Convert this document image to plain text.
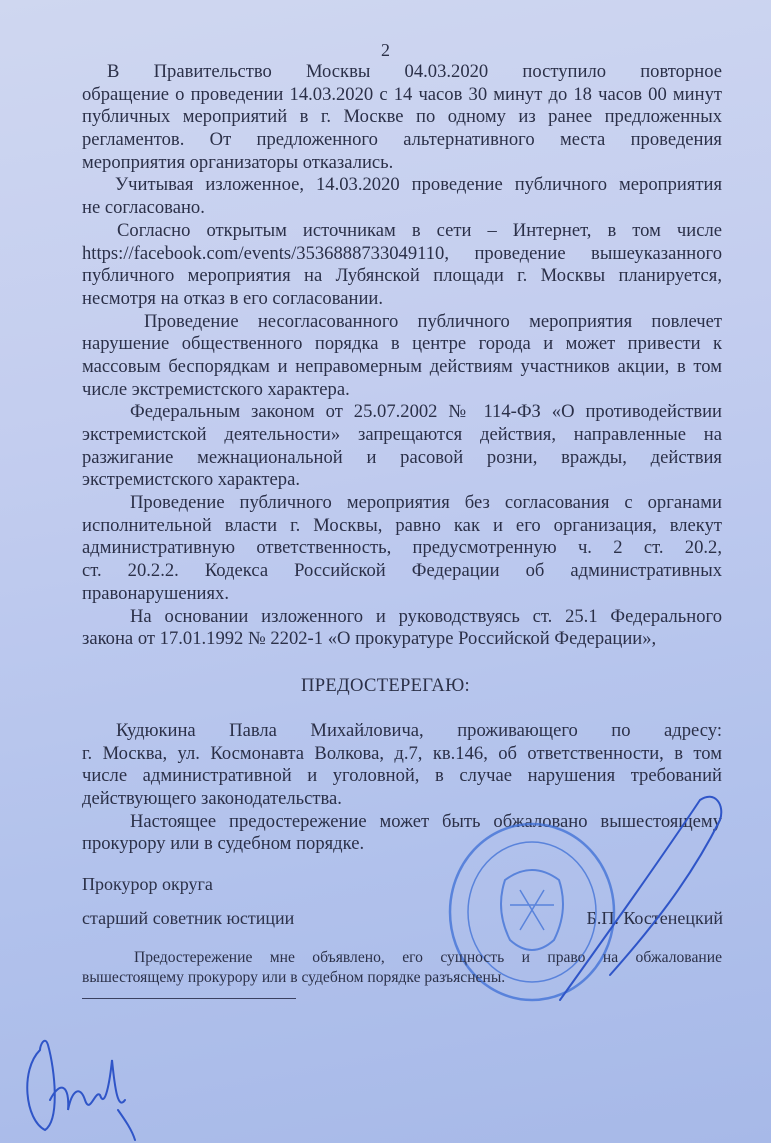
2
В Правительство Москвы 04.03.2020 поступило повторное
обращение о проведении 14.03.2020 с 14 часов 30 минут до 18 часов 00 минут
публичных мероприятий в г. Москве по одному из ранее предложенных
регламентов. От предложенного альтернативного места проведения
мероприятия организаторы отказались.
Учитывая изложенное, 14.03.2020 проведение публичного мероприятия
не согласовано.
Согласно открытым источникам в сети – Интернет, в том числе
https://facebook.com/events/3536888733049110, проведение вышеуказанного
публичного мероприятия на Лубянской площади г. Москвы планируется,
несмотря на отказ в его согласовании.
Проведение несогласованного публичного мероприятия повлечет
нарушение общественного порядка в центре города и может привести к
массовым беспорядкам и неправомерным действиям участников акции, в том
числе экстремистского характера.
Федеральным законом от 25.07.2002 № 114-ФЗ «О противодействии
экстремистской деятельности» запрещаются действия, направленные на
разжигание межнациональной и расовой розни, вражды, действия
экстремистского характера.
Проведение публичного мероприятия без согласования с органами
исполнительной власти г. Москвы, равно как и его организация, влекут
административную ответственность, предусмотренную ч. 2 ст. 20.2,
ст. 20.2.2. Кодекса Российской Федерации об административных
правонарушениях.
На основании изложенного и руководствуясь ст. 25.1 Федерального
закона от 17.01.1992 № 2202-1 «О прокуратуре Российской Федерации»,
ПРЕДОСТЕРЕГАЮ:
Кудюкина Павла Михайловича, проживающего по адресу:
г. Москва, ул. Космонавта Волкова, д.7, кв.146, об ответственности, в том
числе административной и уголовной, в случае нарушения требований
действующего законодательства.
Настоящее предостережение может быть обжаловано вышестоящему
прокурору или в судебном порядке.
Прокурор округа
старший советник юстиции	Б.П. Костенецкий
Предостережение мне объявлено, его сущность и право на обжалование
вышестоящему прокурору или в судебном порядке разъяснены.
